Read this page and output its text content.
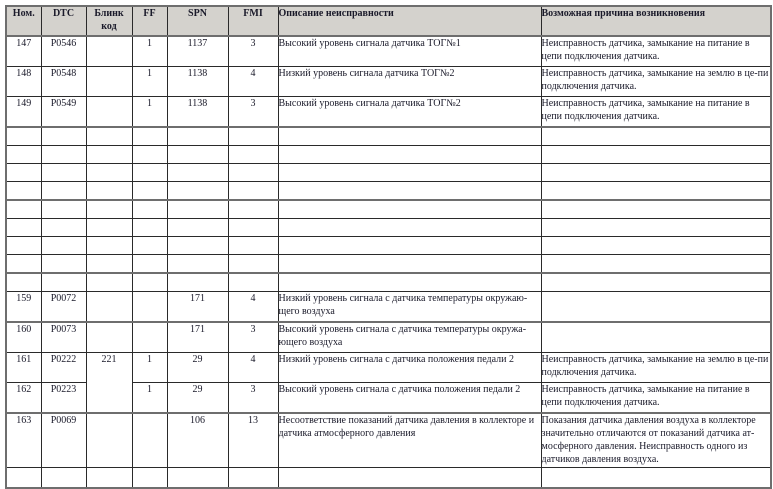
Ном.	DTC	Блинк код	FF	SPN	FMI	Описание неисправности	Возможная причина возникновения
147	P0546		1	1137	3	Высокий уровень сигнала датчика ТОГ№1	Неисправность датчика, замыкание на питание в цепи подключения датчика.
148	P0548		1	1138	4	Низкий уровень сигнала датчика ТОГ№2	Неисправность датчика, замыкание на землю в це-пи подключения датчика.
149	P0549		1	1138	3	Высокий уровень сигнала датчика ТОГ№2	Неисправность датчика, замыкание на питание в цепи подключения датчика.

159	P0072			171	4	Низкий уровень сигнала с датчика температуры окружаю-щего воздуха	
160	P0073			171	3	Высокий уровень сигнала с датчика температуры окружа-ющего воздуха	
161	P0222	221	1	29	4	Низкий уровень сигнала с датчика положения педали 2	Неисправность датчика, замыкание на землю в це-пи подключения датчика.
162	P0223		1	29	3	Высокий уровень сигнала с датчика положения педали 2	Неисправность датчика, замыкание на питание в цепи подключения датчика.
163	P0069			106	13	Несоответствие показаний датчика давления в коллекторе и датчика атмосферного давления	Показания датчика давления воздуха в коллекторе значительно отличаются от показаний датчика ат-мосферного давления. Неисправность одного из датчиков давления воздуха.
